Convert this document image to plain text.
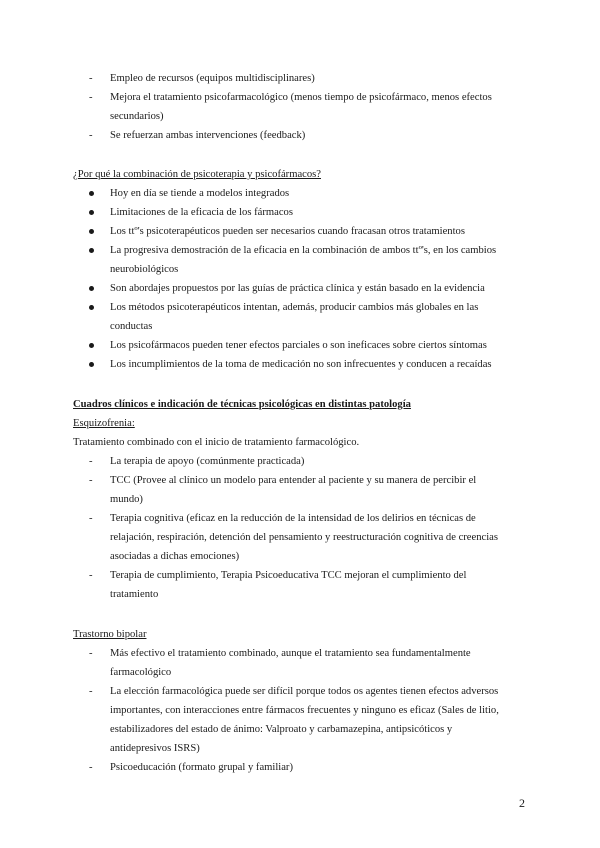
- Empleo de recursos (equipos multidisciplinares)

- Mejora el tratamiento psicofarmacológico (menos tiempo de psicofármaco, menos efectos secundarios)

- Se refuerzan ambas intervenciones (feedback)

¿Por qué la combinación de psicoterapia y psicofármacos?

Hoy en día se tiende a modelos integrados

Limitaciones de la eficacia de los fármacos

Los ttº's psicoterapéuticos pueden ser necesarios cuando fracasan otros tratamientos

La progresiva demostración de la eficacia en la combinación de ambos ttº's, en los cambios neurobiológicos

Son abordajes propuestos por las guías de práctica clínica y están basado en la evidencia

Los métodos psicoterapéuticos intentan, además, producir cambios más globales en las conductas

Los psicofármacos pueden tener efectos parciales o son ineficaces sobre ciertos síntomas

Los incumplimientos de la toma de medicación no son infrecuentes y conducen a recaídas

Cuadros clínicos e indicación de técnicas psicológicas en distintas patología

Esquizofrenia:

Tratamiento combinado con el inicio de tratamiento farmacológico.

- La terapia de apoyo (comúnmente practicada)

- TCC (Provee al clínico un modelo para entender al paciente y su manera de percibir el mundo)

- Terapia cognitiva (eficaz en la reducción de la intensidad de los delirios en técnicas de relajación, respiración, detención del pensamiento y reestructuración cognitiva de creencias asociadas a dichas emociones)

- Terapia de cumplimiento, Terapia Psicoeducativa TCC mejoran el cumplimiento del tratamiento

Trastorno bipolar

- Más efectivo el tratamiento combinado, aunque el tratamiento sea fundamentalmente farmacológico

- La elección farmacológica puede ser difícil porque todos os agentes tienen efectos adversos importantes, con interacciones entre fármacos frecuentes y ninguno es eficaz (Sales de litio, estabilizadores del estado de ánimo: Valproato y carbamazepina, antipsicóticos y antidepresivos ISRS)

- Psicoeducación (formato grupal y familiar)

2
